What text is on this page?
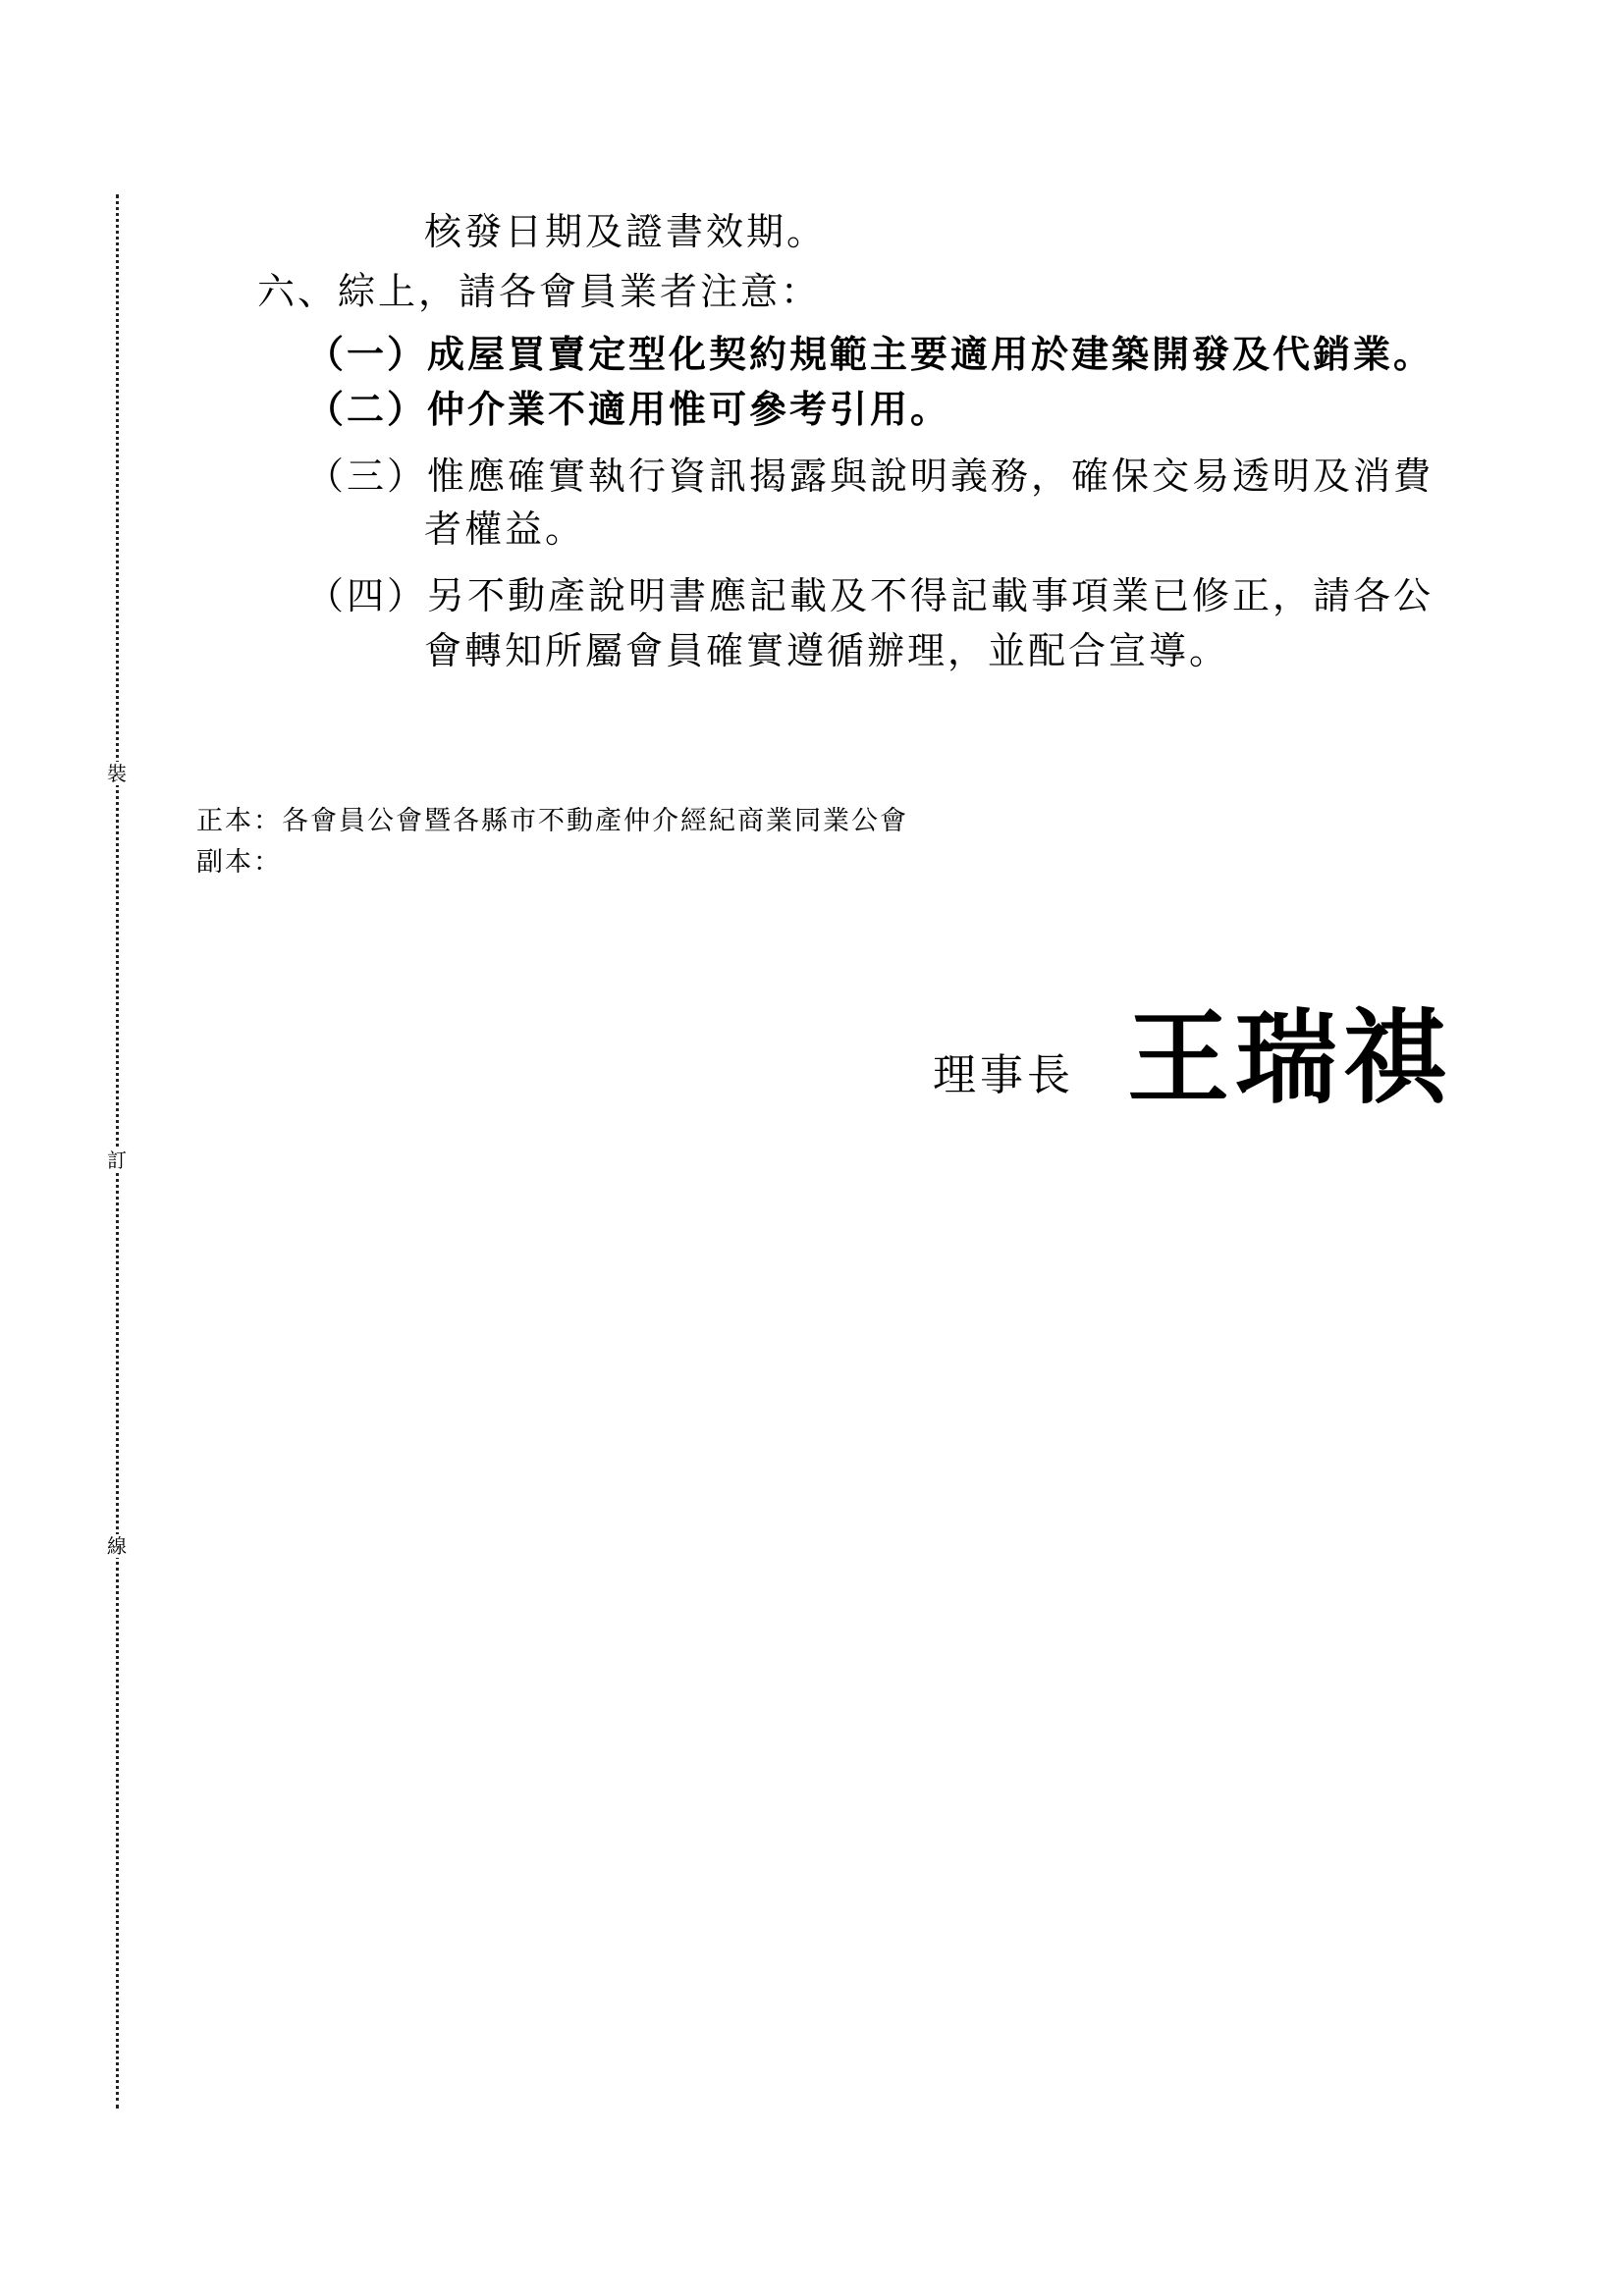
裝
訂
線
核發日期及證書效期。
六、綜上，請各會員業者注意：
（一）成屋買賣定型化契約規範主要適用於建築開發及代銷業。
（二）仲介業不適用惟可參考引用。
（三）惟應確實執行資訊揭露與說明義務，確保交易透明及消費
者權益。
（四）另不動產說明書應記載及不得記載事項業已修正，請各公
會轉知所屬會員確實遵循辦理，並配合宣導。
正本：各會員公會暨各縣市不動產仲介經紀商業同業公會
副本：
理事長 王瑞祺
